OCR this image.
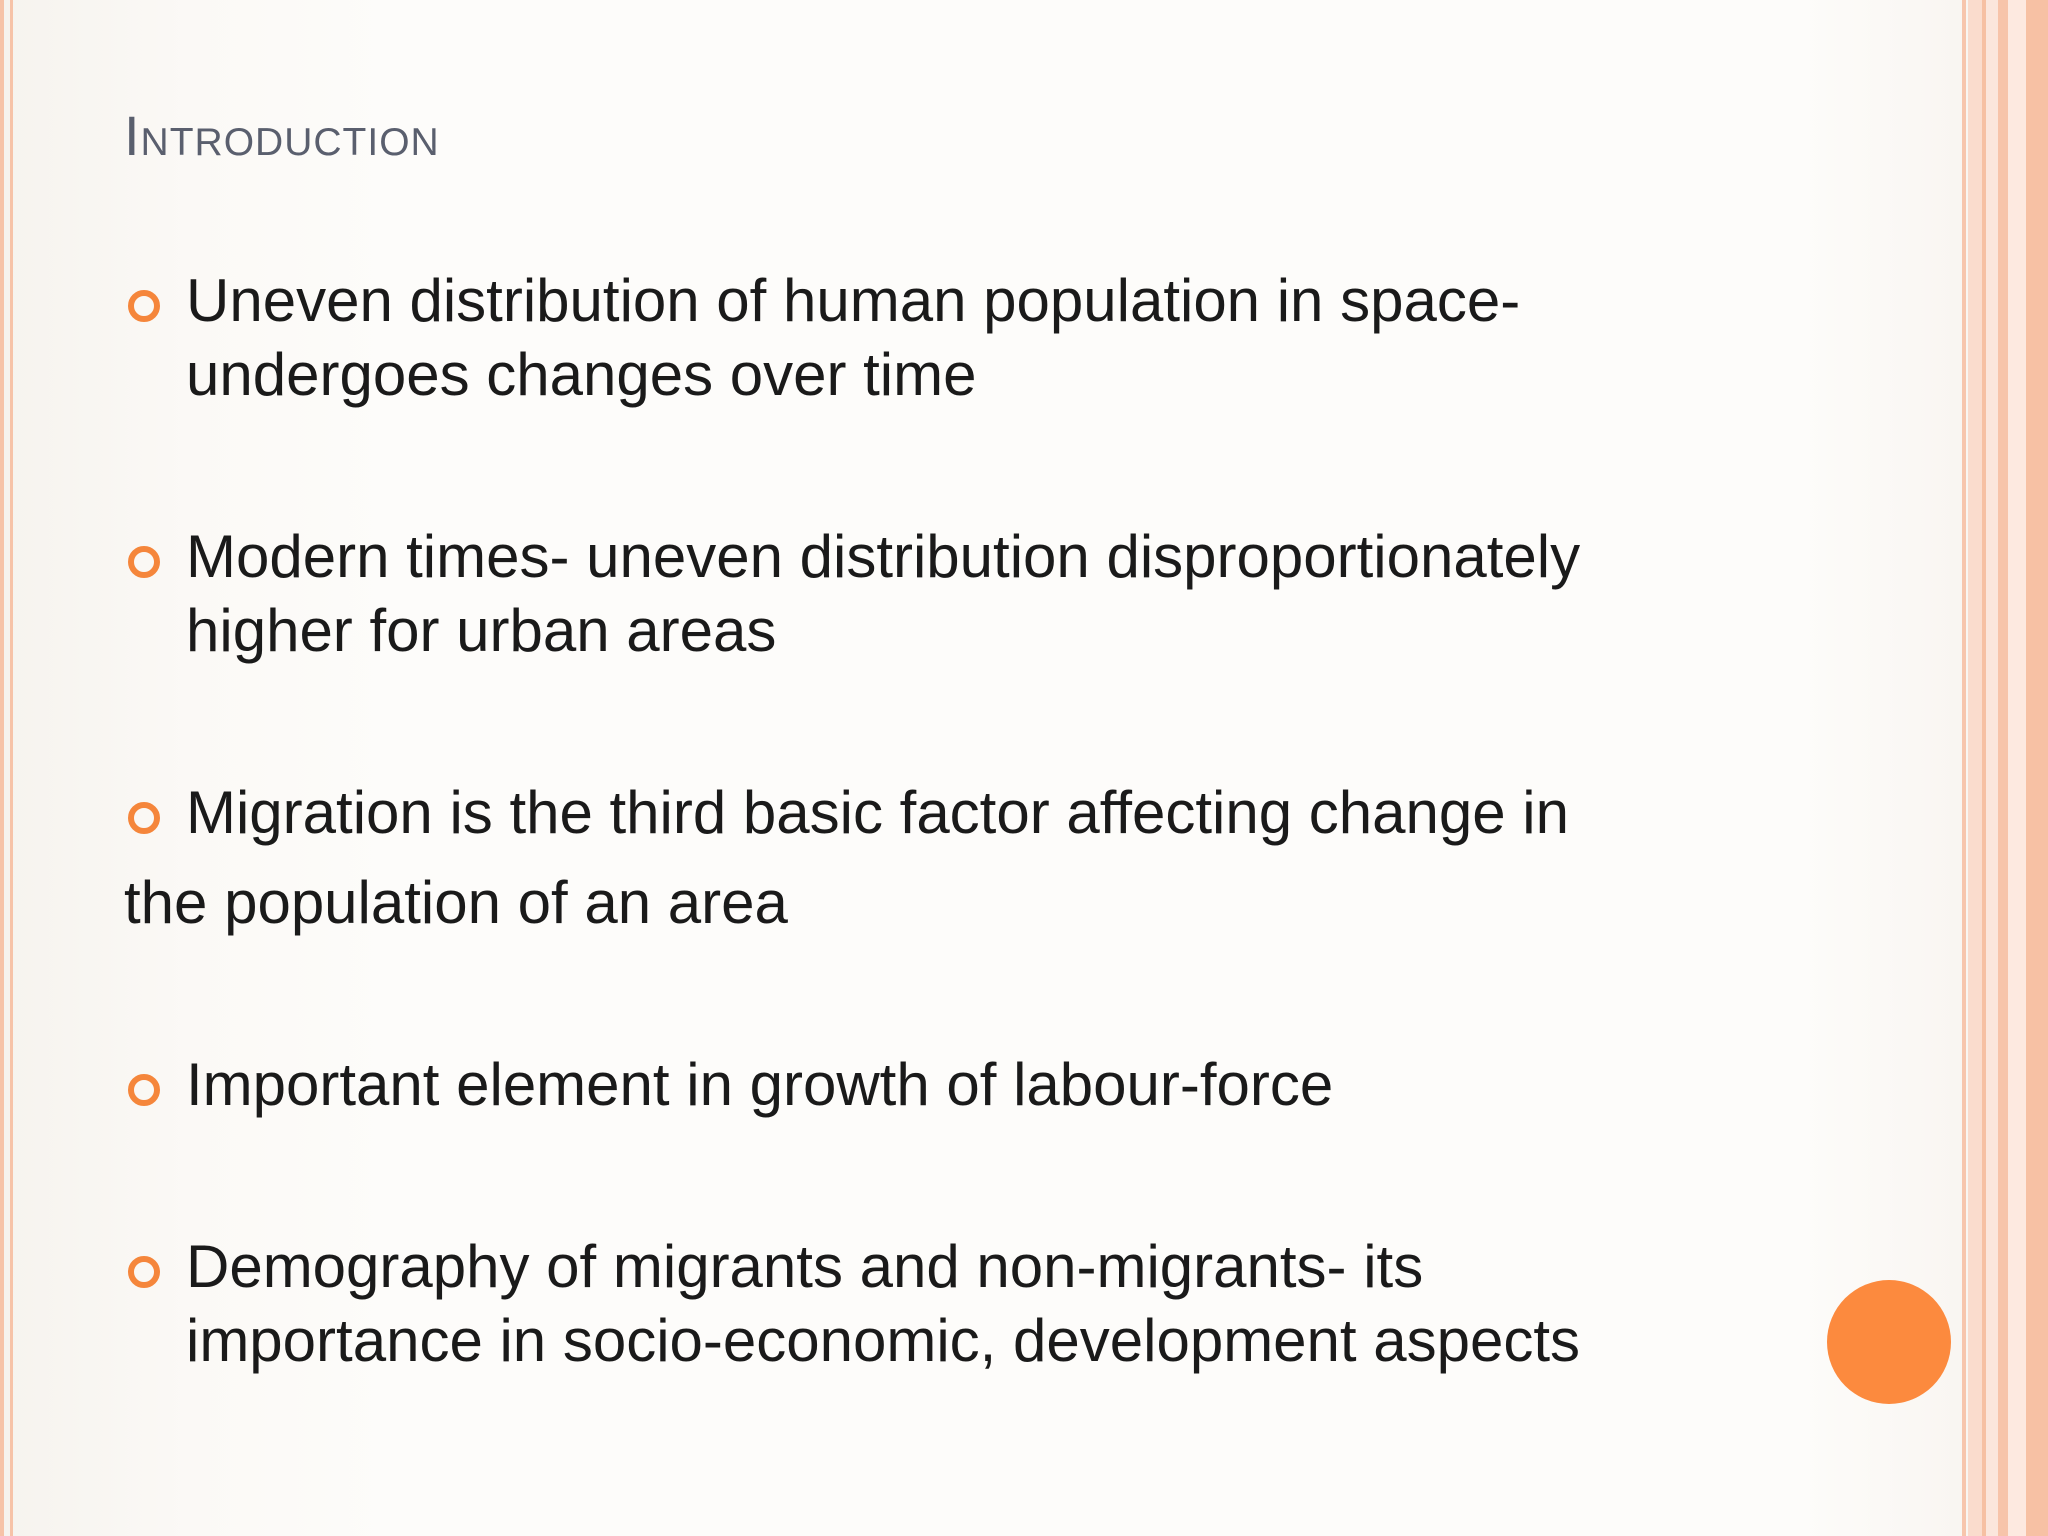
Introduction
Uneven distribution of human population in space-
undergoes changes over time
Modern times- uneven distribution disproportionately
higher for urban areas
Migration is the third basic factor affecting change in
the population of an area
Important element in growth of labour-force
Demography of migrants and non-migrants- its
importance in socio-economic, development aspects
